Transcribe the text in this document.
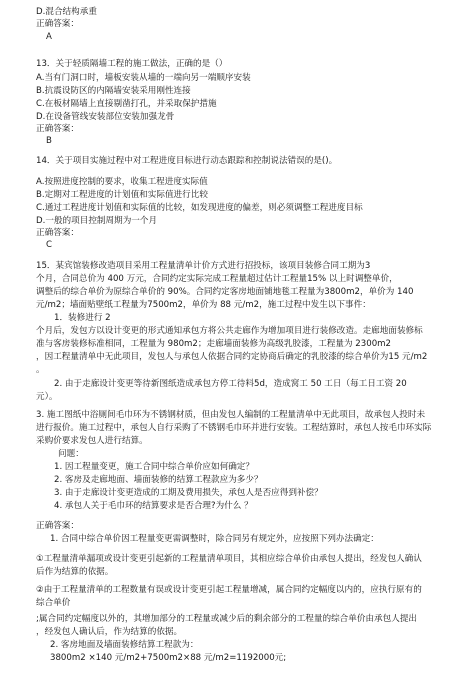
D.混合结构承重
正确答案：
A
13．关于轻质隔墙工程的施工做法，正确的是（）
A.当有门洞口时，墙板安装从墙的一端向另一端顺序安装
B.抗震设防区的内隔墙安装采用刚性连接
C.在板材隔墙上直接剔凿打孔，并采取保护措施
D.在设备管线安装部位安装加强龙骨
正确答案：
B
14．关于项目实施过程中对工程进度目标进行动态跟踪和控制说法错误的是()。
A.按照进度控制的要求，收集工程进度实际值
B.定期对工程进度的计划值和实际值进行比较
C.通过工程进度计划值和实际值的比较，如发现进度的偏差，则必须调整工程进度目标
D.一般的项目控制周期为一个月
正确答案：
C
15．某宾馆装修改造项目采用工程量清单计价方式进行招投标，该项目装修合同工期为3
个月，合同总价为 400 万元，合同约定实际完成工程量超过估计工程量15% 以上时调整单价，
调整后的综合单价为原综合单价的 90%。合同约定客房地面铺地毯工程量为3800m2，单价为 140
元/m2；墙面贴壁纸工程量为7500m2，单价为 88 元/m2，施工过程中发生以下事件：
1．装修进行 2
个月后，发包方以设计变更的形式通知承包方将公共走廊作为增加项目进行装修改造。走廊地面装修标
准与客房装修标准相同，工程量为 980m2；走廊墙面装修为高级乳胶漆，工程量为 2300m2
，因工程量清单中无此项目，发包人与承包人依据合同约定协商后确定的乳胶漆的综合单价为15 元/m2
。
2. 由于走廊设计变更等待新图纸造成承包方停工待料5d，造成窝工 50 工日（每工日工资 20
元）。
3. 施工图纸中浴厕间毛巾环为不锈钢材质，但由发包人编制的工程量清单中无此项目，故承包人投时未
进行报价。施工过程中，承包人自行采购了不锈钢毛巾环并进行安装。工程结算时，承包人按毛巾环实际
采购价要求发包人进行结算。
问题：
1. 因工程量变更，施工合同中综合单价应如何确定？
2. 客房及走廊地面、墙面装修的结算工程款应为多少？
3. 由于走廊设计变更造成的工期及费用损失，承包人是否应得到补偿？
4. 承包人关于毛巾环的结算要求是否合理?为什么 ？
正确答案：
1. 合同中综合单价因工程量变更需调整时，除合同另有规定外，应按照下列办法确定：
①工程量清单漏项或设计变更引起新的工程量清单项目，其相应综合单价由承包人提出，经发包人确认
后作为结算的依据。
②由于工程量清单的工程数量有误或设计变更引起工程量增减，属合同约定幅度以内的，应执行原有的
综合单价
;属合同约定幅度以外的，其增加部分的工程量或减少后的剩余部分的工程量的综合单价由承包人提出
，经发包人确认后，作为结算的依据。
2. 客房地面及墙面装修结算工程款为：
3800m2 ×140 元/m2+7500m2×88 元/m2=1192000元;
